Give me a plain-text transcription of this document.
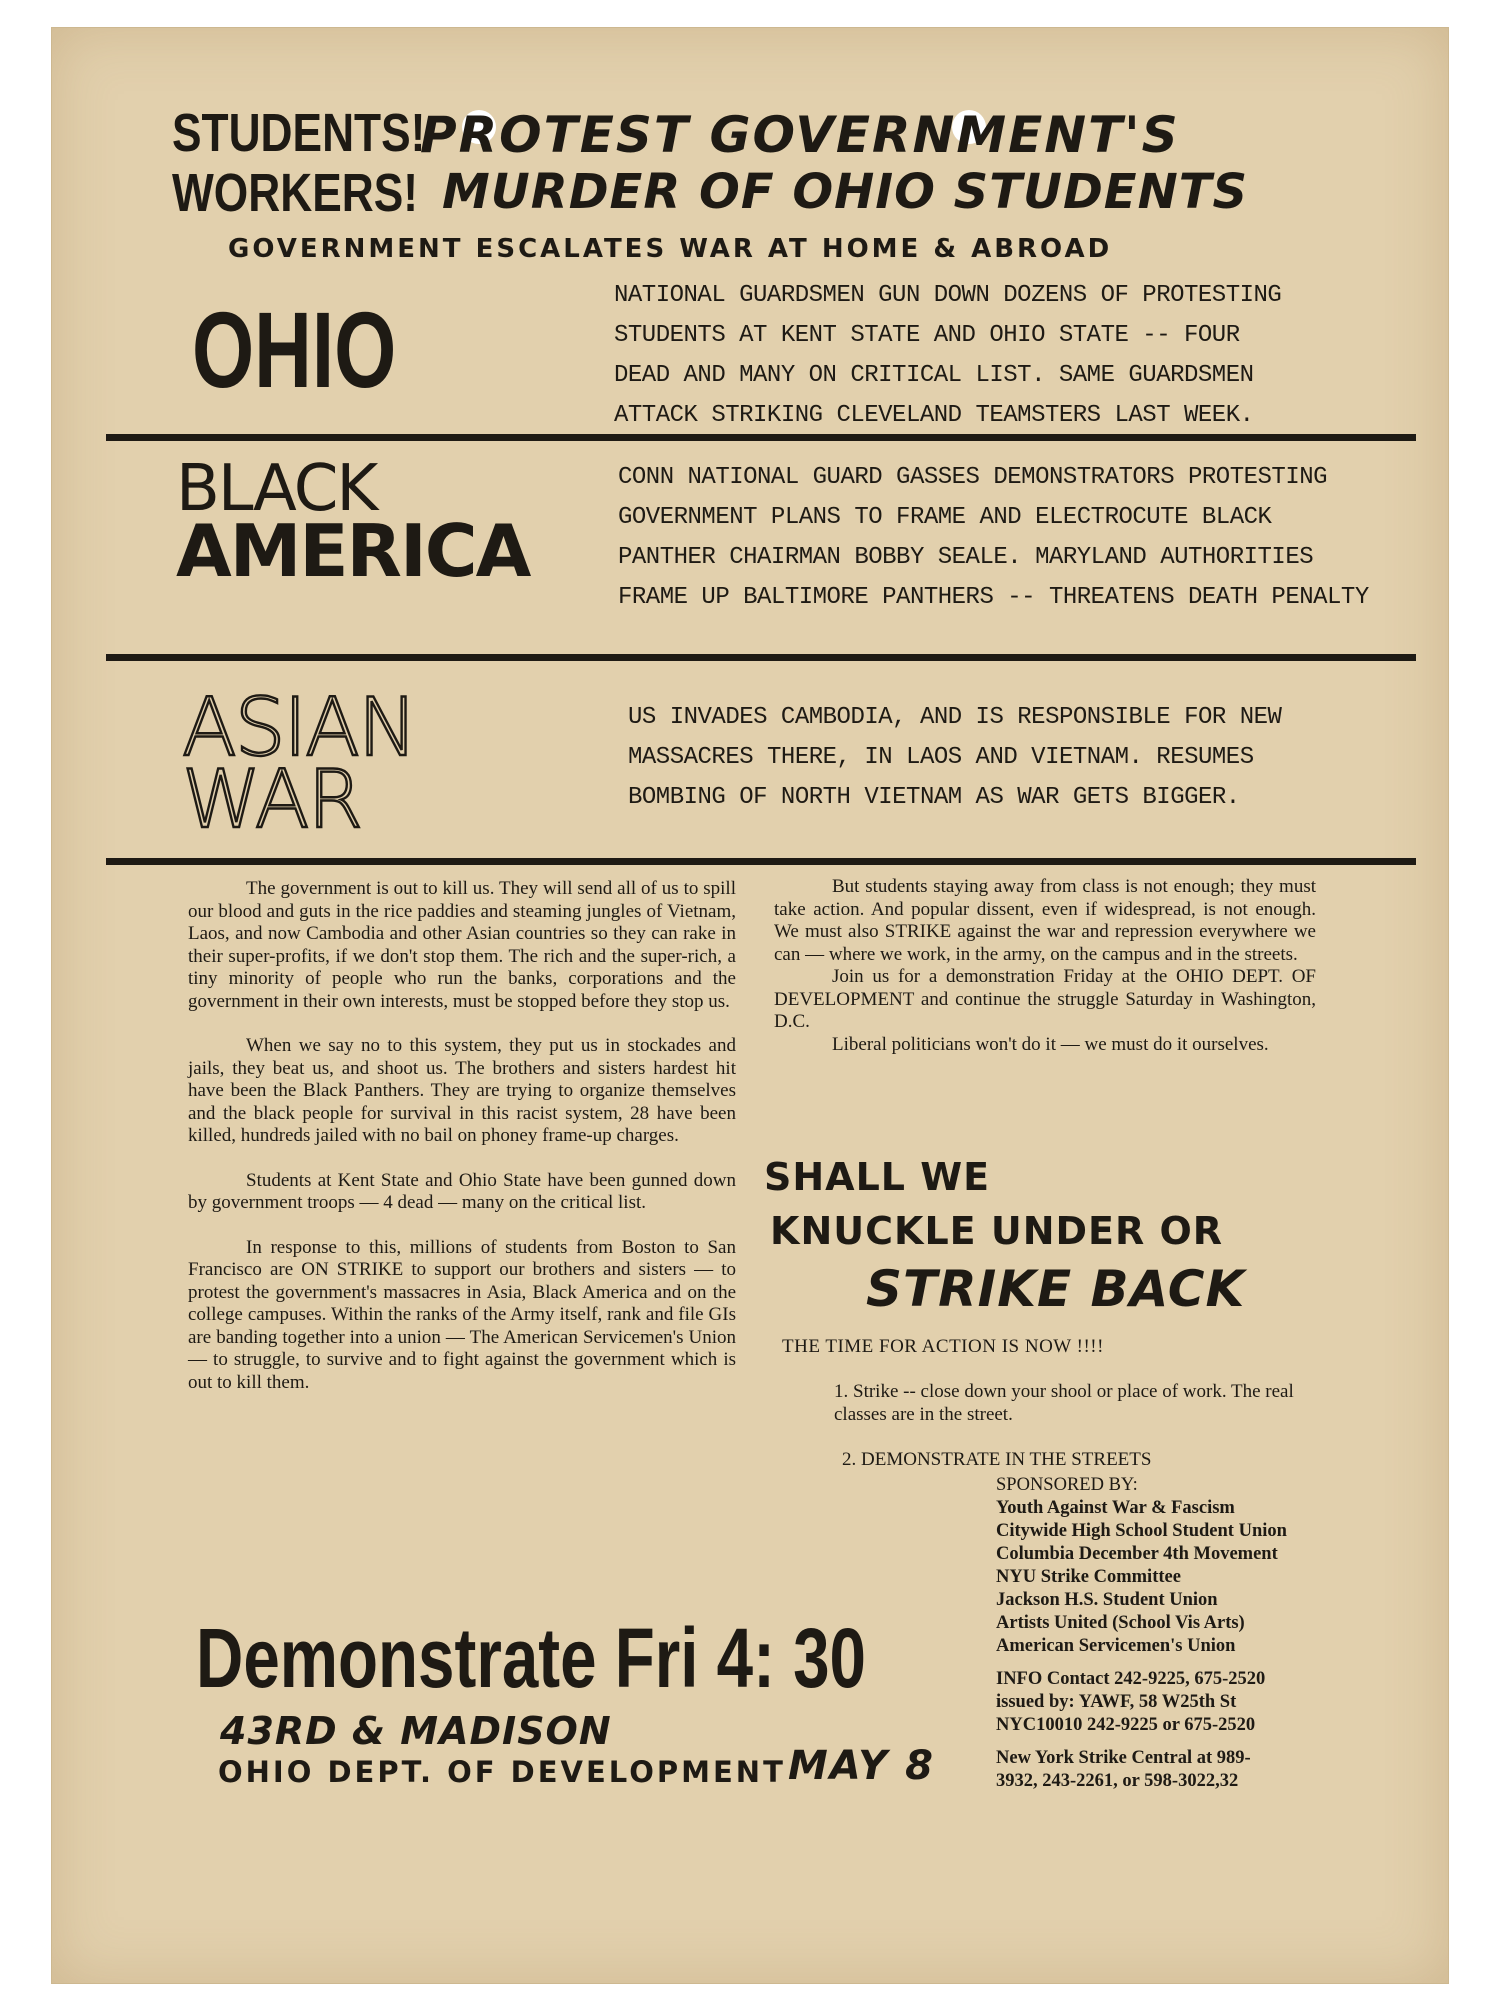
STUDENTS!
WORKERS!
PROTEST GOVERNMENT'S
MURDER OF OHIO STUDENTS
GOVERNMENT ESCALATES WAR AT HOME & ABROAD
OHIO	NATIONAL GUARDSMEN GUN DOWN DOZENS OF PROTESTING
STUDENTS AT KENT STATE AND OHIO STATE -- FOUR
DEAD AND MANY ON CRITICAL LIST. SAME GUARDSMEN
ATTACK STRIKING CLEVELAND TEAMSTERS LAST WEEK.
BLACK
AMERICA
CONN NATIONAL GUARD GASSES DEMONSTRATORS PROTESTING
GOVERNMENT PLANS TO FRAME AND ELECTROCUTE BLACK
PANTHER CHAIRMAN BOBBY SEALE. MARYLAND AUTHORITIES
FRAME UP BALTIMORE PANTHERS -- THREATENS DEATH PENALTY
ASIAN
WAR
US INVADES CAMBODIA, AND IS RESPONSIBLE FOR NEW
MASSACRES THERE, IN LAOS AND VIETNAM. RESUMES
BOMBING OF NORTH VIETNAM AS WAR GETS BIGGER.

The government is out to kill us. They will send all of us to spill our blood and guts in the rice paddies and steaming jungles of Vietnam, Laos, and now Cambodia and other Asian countries so they can rake in their super-profits, if we don't stop them. The rich and the super-rich, a tiny minority of people who run the banks, corporations and the government in their own interests, must be stopped before they stop us.

When we say no to this system, they put us in stockades and jails, they beat us, and shoot us. The brothers and sisters hardest hit have been the Black Panthers. They are trying to organize themselves and the black people for survival in this racist system, 28 have been killed, hundreds jailed with no bail on phoney frame-up charges.

Students at Kent State and Ohio State have been gunned down by government troops — 4 dead — many on the critical list.

In response to this, millions of students from Boston to San Francisco are ON STRIKE to support our brothers and sisters — to protest the government's massacres in Asia, Black America and on the college campuses. Within the ranks of the Army itself, rank and file GIs are banding together into a union — The American Servicemen's Union — to struggle, to survive and to fight against the government which is out to kill them.

But students staying away from class is not enough; they must take action. And popular dissent, even if widespread, is not enough. We must also STRIKE against the war and repression everywhere we can — where we work, in the army, on the campus and in the streets.

Join us for a demonstration Friday at the OHIO DEPT. OF DEVELOPMENT and continue the struggle Saturday in Washington, D.C.

Liberal politicians won't do it — we must do it ourselves.

SHALL WE
KNUCKLE UNDER OR
STRIKE BACK
THE TIME FOR ACTION IS NOW !!!!
1. Strike -- close down your shool or place of work. The real classes are in the street.
2. DEMONSTRATE IN THE STREETS
SPONSORED BY:
Youth Against War & Fascism
Citywide High School Student Union
Columbia December 4th Movement
NYU Strike Committee
Jackson H.S. Student Union
Artists United (School Vis Arts)
American Servicemen's Union
INFO Contact 242-9225, 675-2520
issued by: YAWF, 58 W25th St
NYC10010 242-9225 or 675-2520
New York Strike Central at 989-
3932, 243-2261, or 598-3022,32
Demonstrate Fri 4: 30
43RD & MADISON
OHIO DEPT. OF DEVELOPMENT MAY 8
